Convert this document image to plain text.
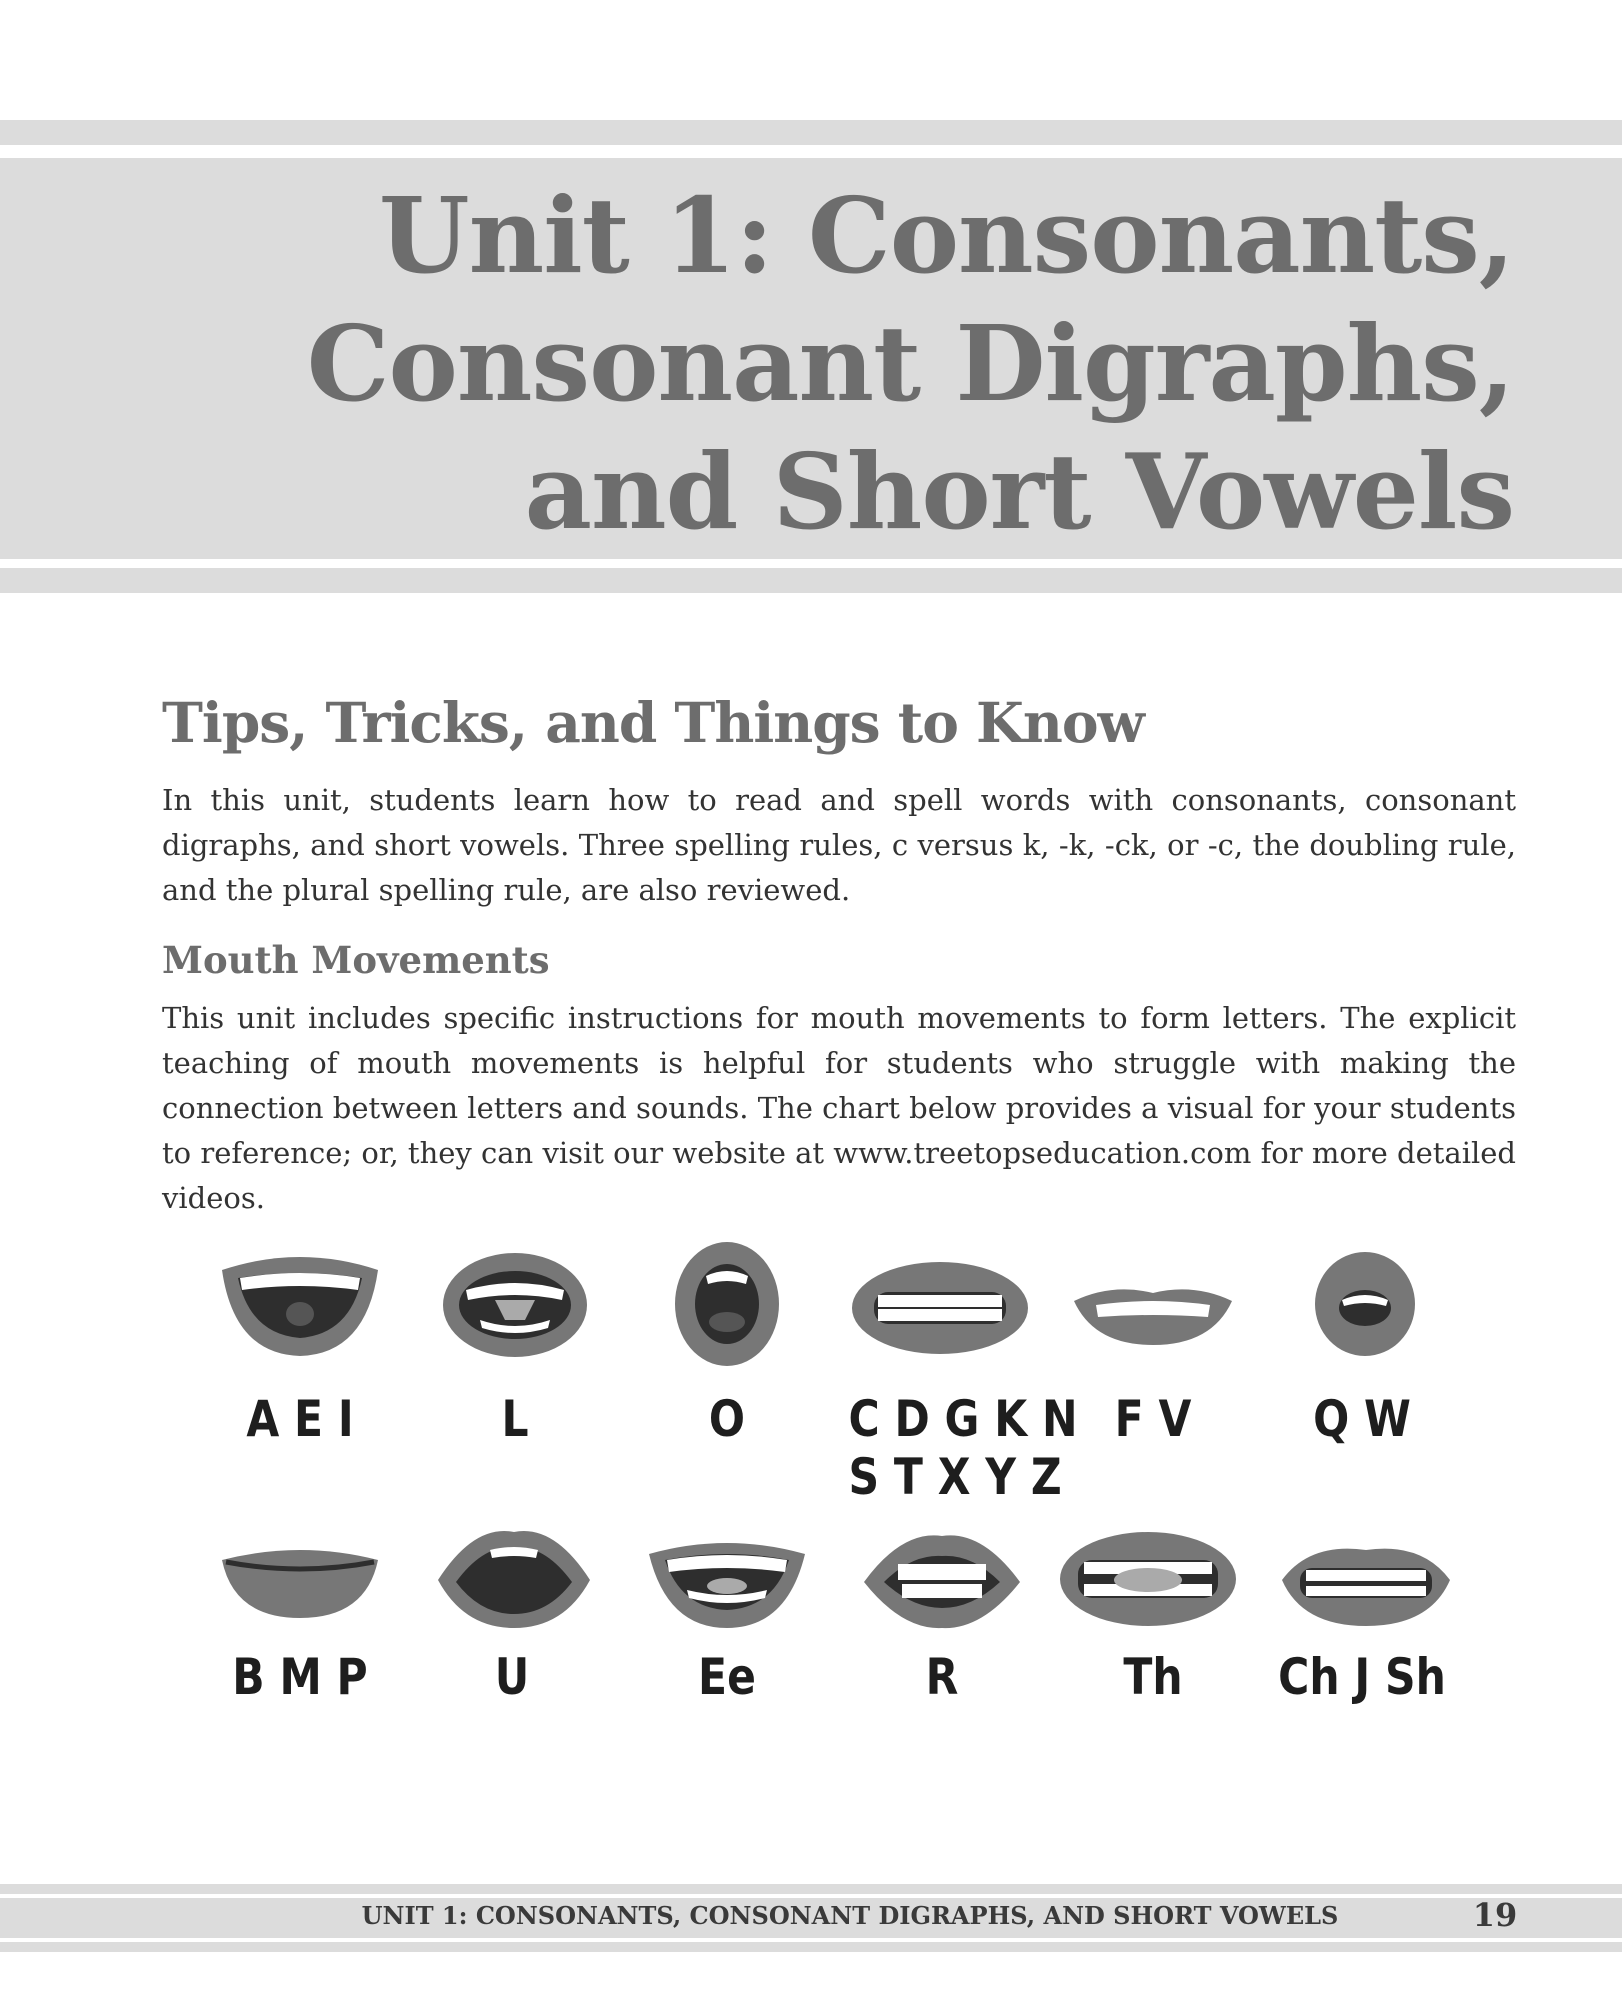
Unit 1: Consonants,
Consonant Digraphs,
and Short Vowels
Tips, Tricks, and Things to Know
In this unit, students learn how to read and spell words with consonants, consonant digraphs, and short vowels. Three spelling rules, c versus k, -k, -ck, or -c, the doubling rule, and the plural spelling rule, are also reviewed.
Mouth Movements
This unit includes specific instructions for mouth movements to form letters. The explicit teaching of mouth movements is helpful for students who struggle with making the connection between letters and sounds. The chart below provides a visual for your students to reference; or, they can visit our website at www.treetopseducation.com for more detailed videos.
A E I	L	O	C D G K N
S T X Y Z
F V	Q W
B M P	U	Ee	R	Th	Ch J Sh
UNIT 1: CONSONANTS, CONSONANT DIGRAPHS, AND SHORT VOWELS	19
